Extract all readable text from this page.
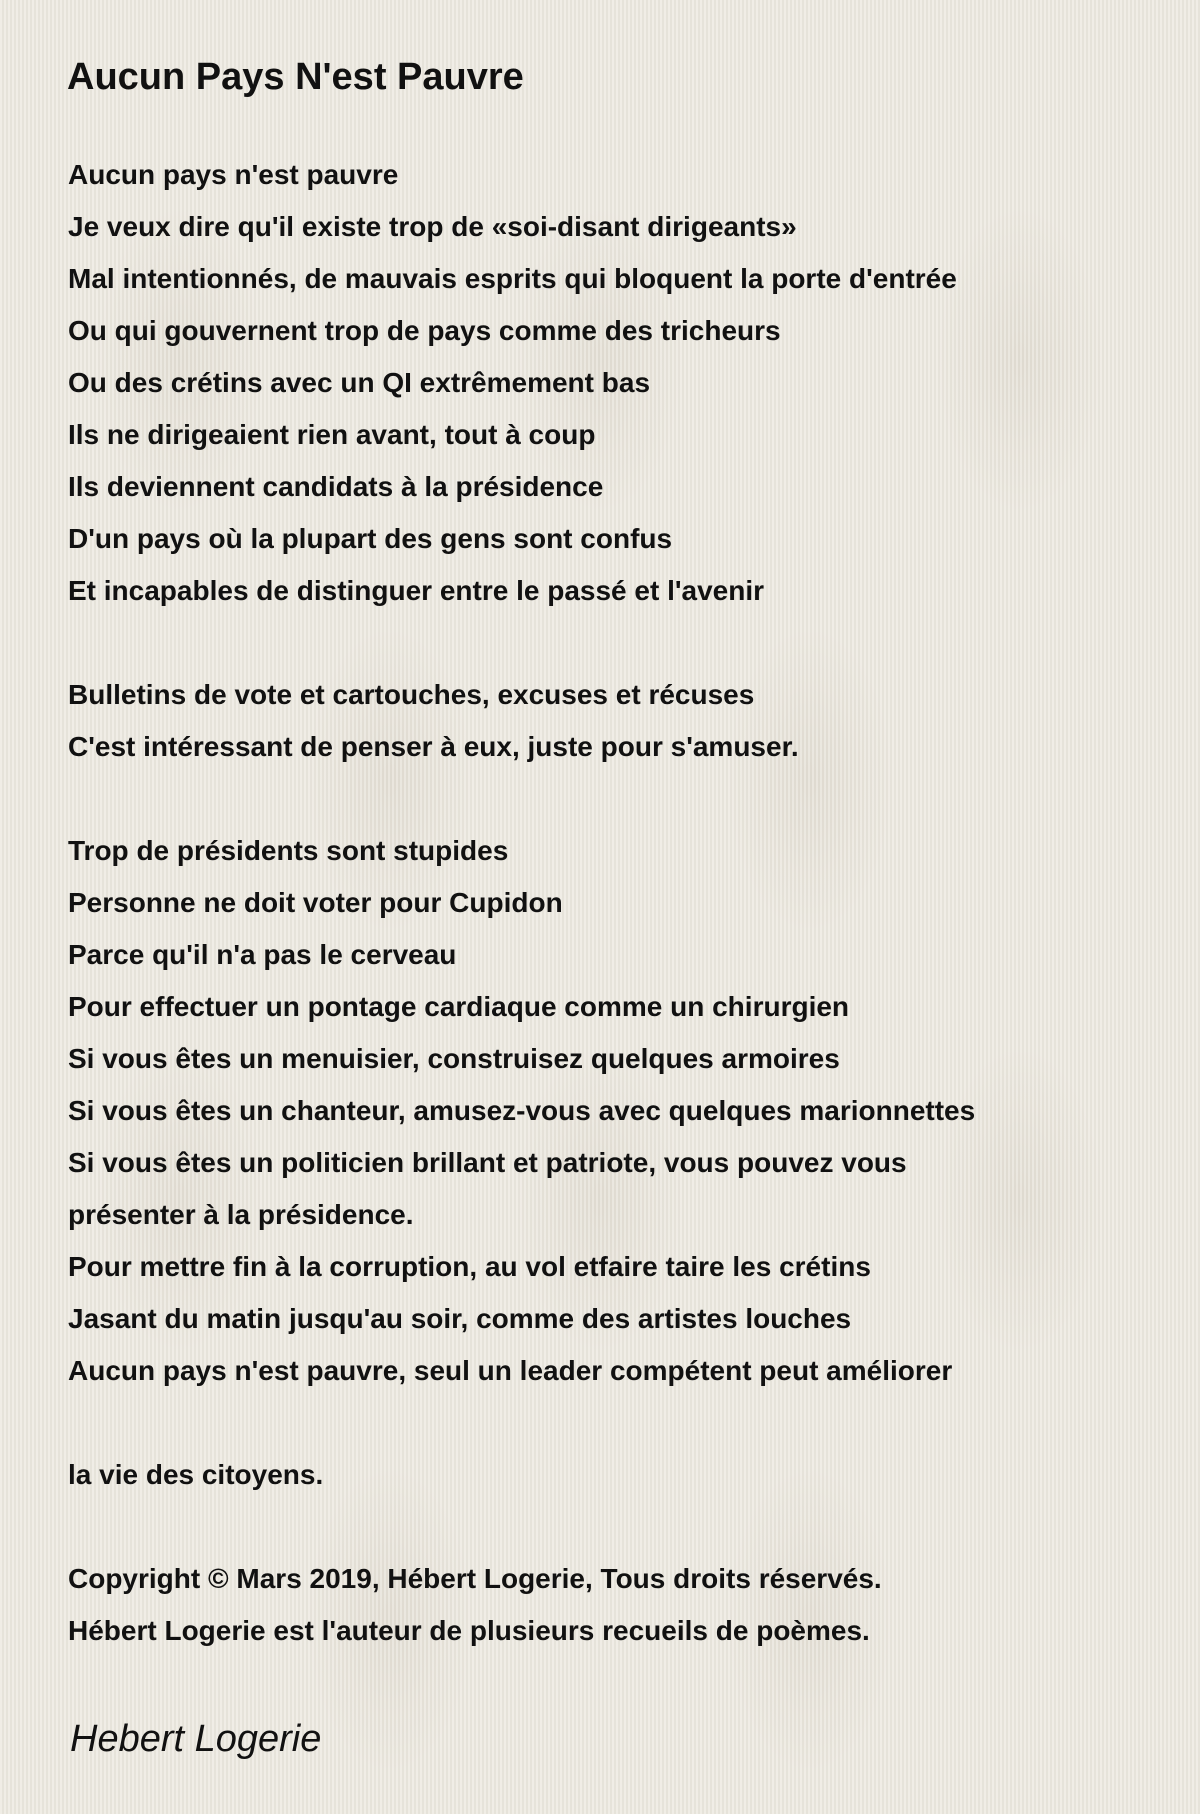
Aucun Pays N'est Pauvre
Aucun pays n'est pauvre
Je veux dire qu'il existe trop de «soi-disant dirigeants»
Mal intentionnés, de mauvais esprits qui bloquent la porte d'entrée
Ou qui gouvernent trop de pays comme des tricheurs
Ou des crétins avec un QI extrêmement bas
Ils ne dirigeaient rien avant, tout à coup
Ils deviennent candidats à la présidence
D'un pays où la plupart des gens sont confus
Et incapables de distinguer entre le passé et l'avenir
Bulletins de vote et cartouches, excuses et récuses
C'est intéressant de penser à eux, juste pour s'amuser.
Trop de présidents sont stupides
Personne ne doit voter pour Cupidon
Parce qu'il n'a pas le cerveau
Pour effectuer un pontage cardiaque comme un chirurgien
Si vous êtes un menuisier, construisez quelques armoires
Si vous êtes un chanteur, amusez-vous avec quelques marionnettes
Si vous êtes un politicien brillant et patriote, vous pouvez vous
présenter à la présidence.
Pour mettre fin à la corruption, au vol etfaire taire les crétins
Jasant du matin jusqu'au soir, comme des artistes louches
Aucun pays n'est pauvre, seul un leader compétent peut améliorer
la vie des citoyens.
Copyright © Mars 2019, Hébert Logerie, Tous droits réservés.
Hébert Logerie est l'auteur de plusieurs recueils de poèmes.
Hebert Logerie
